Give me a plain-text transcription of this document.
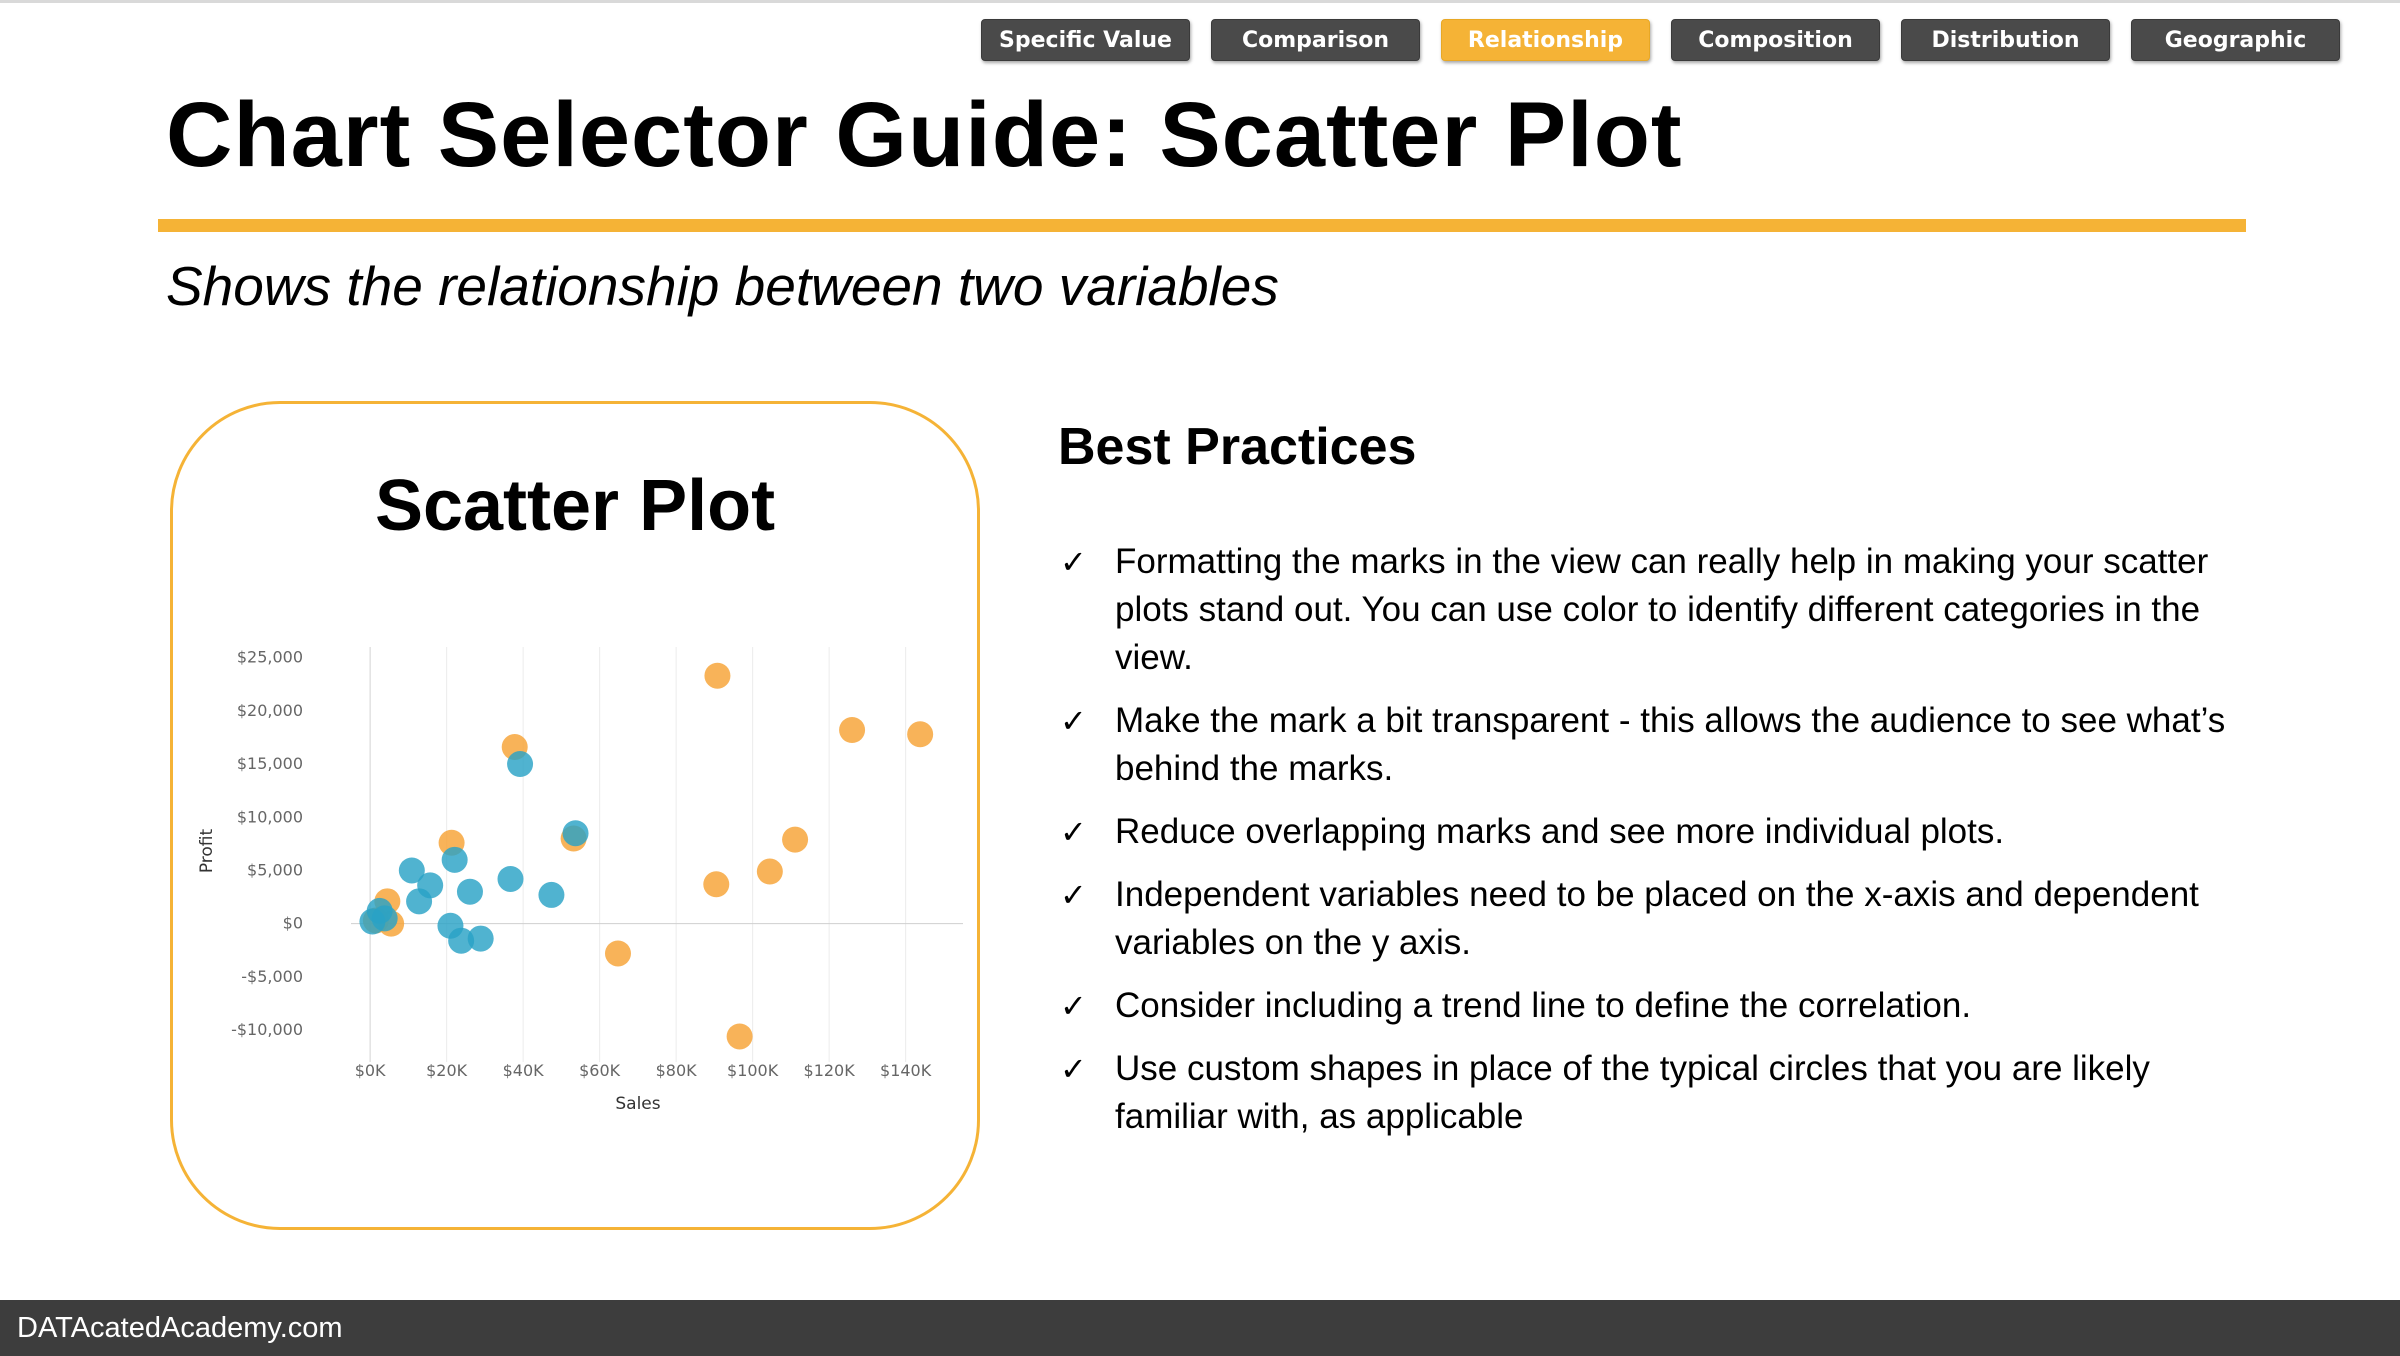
Specific Value	Comparison	Relationship	Composition	Distribution	Geographic
Chart Selector Guide: Scatter Plot
Shows the relationship between two variables
Scatter Plot
$0K	$20K $40K $60K $80K $100K $120K $140K
$25,000
$20,000
$15,000
$10,000
$5,000
$0
-$5,000
-$10,000
Sales
Profit
Best Practices
✓ Formatting the marks in the view can really help in making your scatter plots stand out. You can use color to identify different categories in the view.
✓ Make the mark a bit transparent - this allows the audience to see what’s behind the marks.
✓ Reduce overlapping marks and see more individual plots.
✓ Independent variables need to be placed on the x-axis and dependent variables on the y axis.
✓ Consider including a trend line to define the correlation.
✓ Use custom shapes in place of the typical circles that you are likely familiar with, as applicable
DATAcatedAcademy.com
